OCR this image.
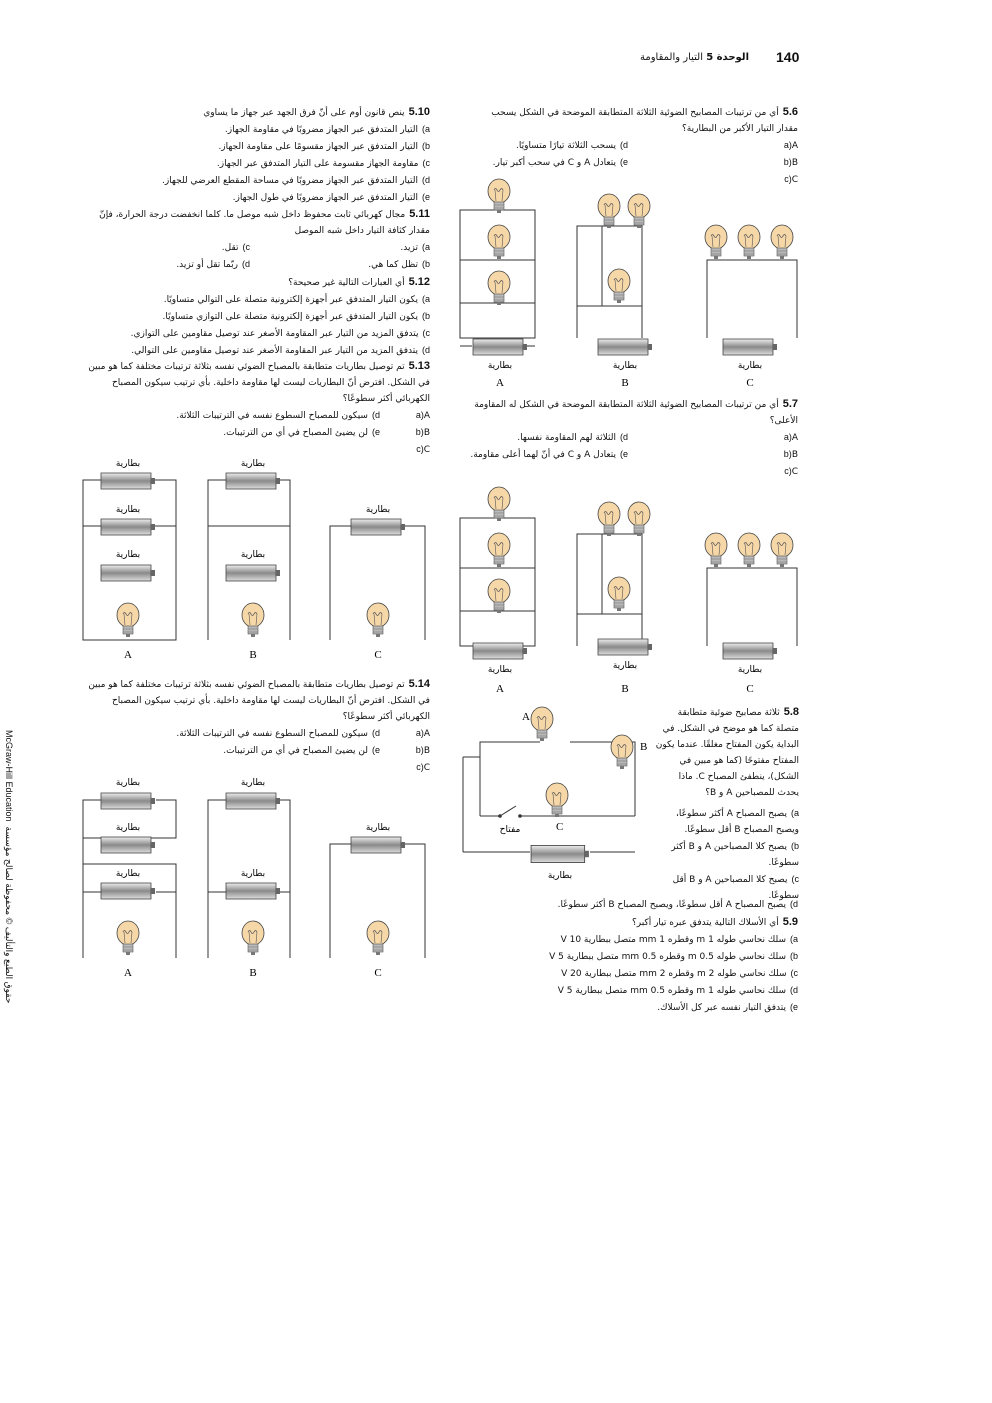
الوحدة 5 التيار والمقاومة	140
McGraw-Hill Education  حقوق الطبع والتأليف © محفوظة لصالح مؤسسة

5.6أي من ترتيبات المصابيح الضوئية الثلاثة المتطابقة الموضحة في الشكل يسحب مقدار التيار الأكبر من البطارية؟

a)A
d)يسحب الثلاثة تيارًا متساويًا.
b)B
e)يتعادل A و C في سحب أكبر تيار.
c)C
بطارية	بطارية	بطارية
A	B	C

5.7أي من ترتيبات المصابيح الضوئية الثلاثة المتطابقة الموضحة في الشكل له المقاومة الأعلى؟

a)A
d)الثلاثة لهم المقاومة نفسها.
b)B
e)يتعادل A و C في أنّ لهما أعلى مقاومة.
c)C
بطارية	بطارية	بطارية
A	B	C
A
B
C
مفتاح
بطارية

5.8ثلاثة مصابيح ضوئية متطابقة متصلة كما هو موضح في الشكل. في البداية يكون المفتاح مغلقًا. عندما يكون المفتاح مفتوحًا (كما هو مبين في الشكل)، ينطفئ المصباح C. ماذا يحدث للمصباحين A و B؟

a)يصبح المصباح A أكثر سطوعًا، ويصبح المصباح B أقل سطوعًا.
b)يصبح كلا المصباحين A و B أكثر سطوعًا.
c)يصبح كلا المصباحين A و B أقل سطوعًا.
d)يصبح المصباح A أقل سطوعًا، ويصبح المصباح B أكثر سطوعًا.

5.9أي الأسلاك التالية يتدفق عبره تيار أكبر؟

a)سلك نحاسي طوله 1 m وقطره 1 mm متصل ببطارية 10 V
b)سلك نحاسي طوله 0.5 m وقطره 0.5 mm متصل ببطارية 5 V
c)سلك نحاسي طوله 2 m وقطره 2 mm متصل ببطارية 20 V
d)سلك نحاسي طوله 1 m وقطره 0.5 mm متصل ببطارية 5 V
e)يتدفق التيار نفسه عبر كل الأسلاك.

5.10ينص قانون أوم على أنّ فرق الجهد عبر جهاز ما يساوي

a)التيار المتدفق عبر الجهاز مضروبًا في مقاومة الجهاز.
b)التيار المتدفق عبر الجهاز مقسومًا على مقاومة الجهاز.
c)مقاومة الجهاز مقسومة على التيار المتدفق عبر الجهاز.
d)التيار المتدفق عبر الجهاز مضروبًا في مساحة المقطع العرضي للجهاز.
e)التيار المتدفق عبر الجهاز مضروبًا في طول الجهاز.

5.11مجال كهربائي ثابت محفوظ داخل شبه موصل ما. كلما انخفضت درجة الحرارة، فإنّ مقدار كثافة التيار داخل شبه الموصل

a)تزيد.
c)تقل.
b)تظل كما هي.
d)ربّما تقل أو تزيد.

5.12أي العبارات التالية غير صحيحة؟

a)يكون التيار المتدفق عبر أجهزة إلكترونية متصلة على التوالي متساويًا.
b)يكون التيار المتدفق عبر أجهزة إلكترونية متصلة على التوازي متساويًا.
c)يتدفق المزيد من التيار عبر المقاومة الأصغر عند توصيل مقاومين على التوازي.
d)يتدفق المزيد من التيار عبر المقاومة الأصغر عند توصيل مقاومين على التوالي.

5.13تم توصيل بطاريات متطابقة بالمصباح الضوئي نفسه بثلاثة ترتيبات مختلفة كما هو مبين في الشكل. افترض أنّ البطاريات ليست لها مقاومة داخلية. بأي ترتيب سيكون المصباح الكهربائي أكثر سطوعًا؟

a)A
d)سيكون للمصباح السطوع نفسه في الترتيبات الثلاثة.
b)B
e)لن يضيئ المصباح في أي من الترتيبات.
c)C
بطارية
بطارية
بطارية
بطارية
بطارية
بطارية
A	B	C

5.14تم توصيل بطاريات متطابقة بالمصباح الضوئي نفسه بثلاثة ترتيبات مختلفة كما هو مبين في الشكل. افترض أنّ البطاريات ليست لها مقاومة داخلية. بأي ترتيب سيكون المصباح الكهربائي أكثر سطوعًا؟

a)A
d)سيكون للمصباح السطوع نفسه في الترتيبات الثلاثة.
b)B
e)لن يضيئ المصباح في أي من الترتيبات.
c)C
بطارية
بطارية
بطارية
بطارية
بطارية
بطارية
A	B	C
